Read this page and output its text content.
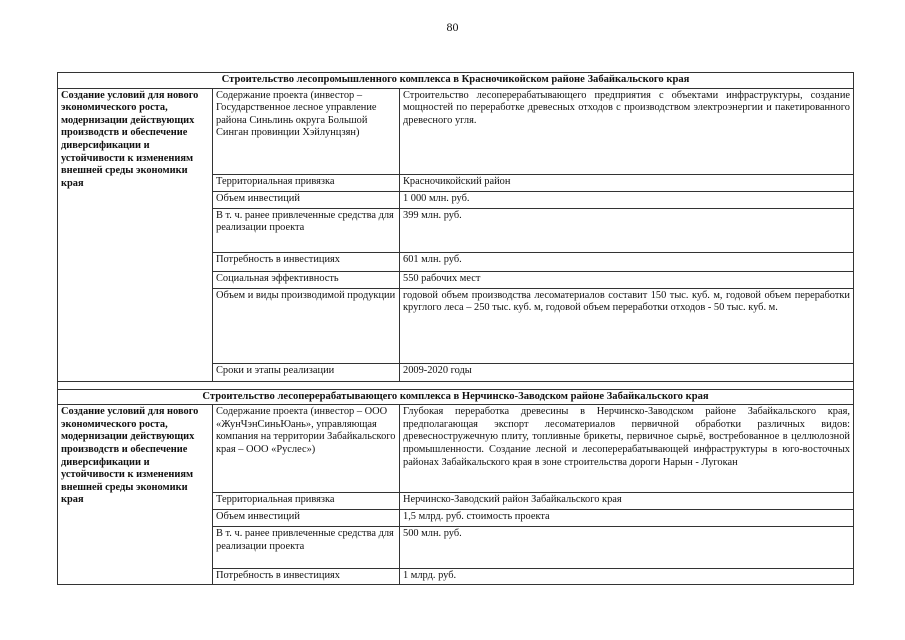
80
Строительство лесопромышленного комплекса в Красночикойском районе Забайкальского края		
Создание условий для нового экономического роста, модернизации действующих производств и обеспечение диверсификации и устойчивости к изменениям внешней среды экономики края	Содержание проекта (инвестор – Государственное лесное управление района Синьлинь округа Большой Синган провинции Хэйлунцзян)	Строительство лесоперерабатывающего предприятия с объектами инфраструктуры, создание мощностей по переработке древесных отходов с производством электроэнергии и пакетированного древесного угля.
	Территориальная привязка	Красночикойский район
	Объем инвестиций	1 000 млн. руб.
	В т. ч. ранее привлеченные средства для реализации проекта	399 млн. руб.
	Потребность в инвестициях	601 млн. руб.
	Социальная эффективность	550 рабочих мест
	Объем и виды производимой продукции	годовой объем производства лесоматериалов составит 150 тыс. куб. м, годовой объем переработки круглого леса – 250 тыс. куб. м, годовой объем переработки отходов - 50 тыс. куб. м.
	Сроки и этапы реализации	2009-2020 годы

Строительство лесоперерабатывающего комплекса в Нерчинско-Заводском районе Забайкальского края		
Создание условий для нового экономического роста, модернизации действующих производств и обеспечение диверсификации и устойчивости к изменениям внешней среды экономики края	Содержание проекта (инвестор – ООО «ЖунЧэнСиньЮань», управляющая компания на территории Забайкальского края – ООО «Руслес»)	Глубокая переработка древесины в Нерчинско-Заводском районе Забайкальского края, предполагающая экспорт лесоматериалов первичной обработки различных видов: древесностружечную плиту, топливные брикеты, первичное сырьё, востребованное в целлюлозной промышленности. Создание лесной и лесоперерабатывающей инфраструктуры в юго-восточных районах Забайкальского края в зоне строительства дороги Нарын - Лугокан
	Территориальная привязка	Нерчинско-Заводский район Забайкальского края
	Объем инвестиций	1,5 млрд. руб. стоимость проекта
	В т. ч. ранее привлеченные средства для реализации проекта	500 млн. руб.
	Потребность в инвестициях	1 млрд. руб.
